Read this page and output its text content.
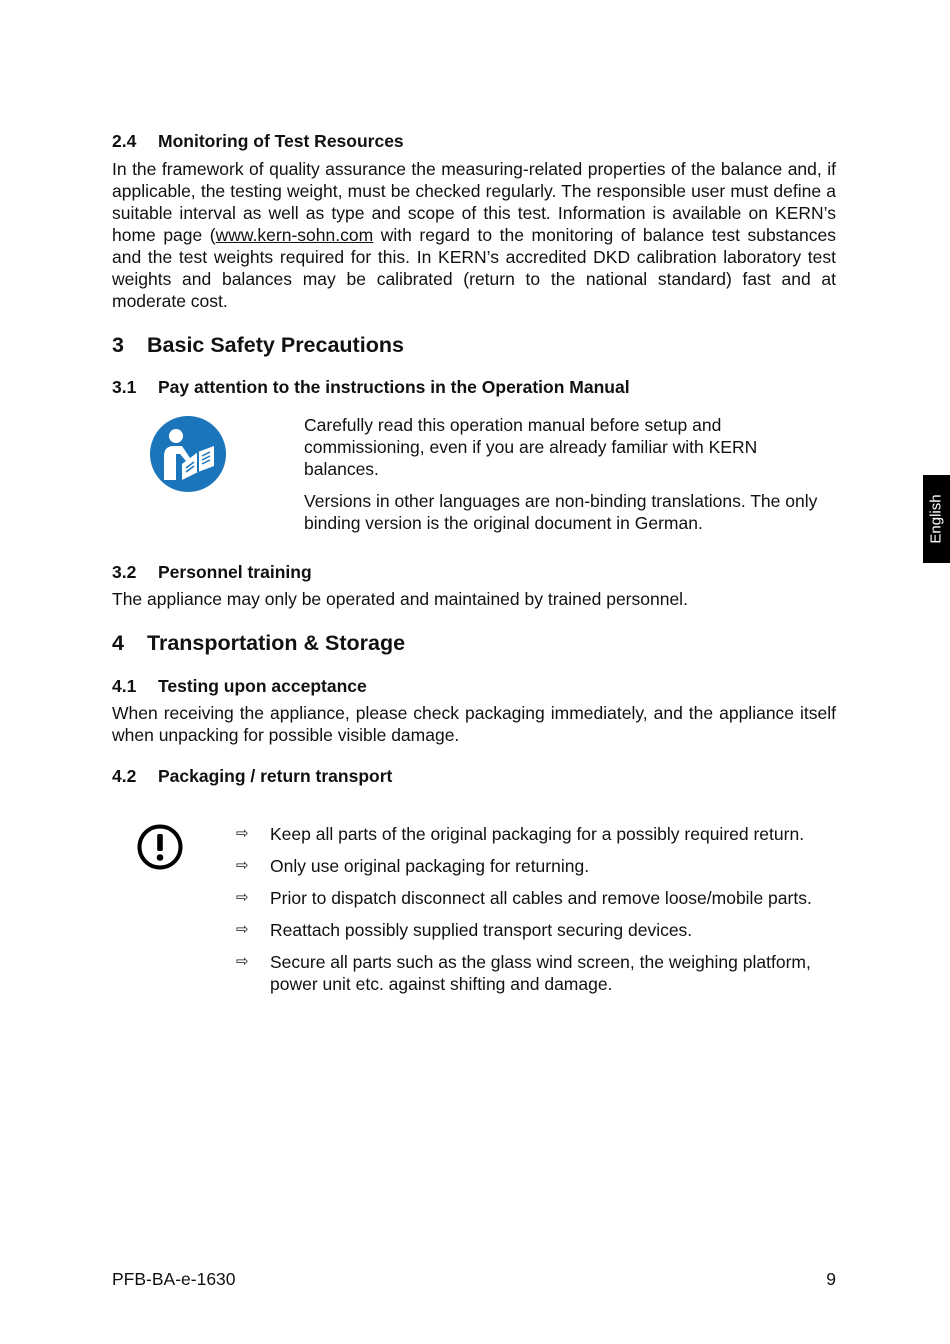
English
2.4	Monitoring of Test Resources

In the framework of quality assurance the measuring-related properties of the balance and, if applicable, the testing weight, must be checked regularly. The responsible user must define a suitable interval as well as type and scope of this test. Information is available on KERN’s home page (www.kern-sohn.com with regard to the monitoring of balance test substances and the test weights required for this. In KERN’s accredited DKD calibration laboratory test weights and balances may be calibrated (return to the national standard) fast and at moderate cost.

3	Basic Safety Precautions
3.1	Pay attention to the instructions in the Operation Manual

Carefully read this operation manual before setup and commissioning, even if you are already familiar with KERN balances.

Versions in other languages are non-binding translations. The only binding version is the original document in German.

3.2	Personnel training

The appliance may only be operated and maintained by trained personnel.

4	Transportation & Storage
4.1	Testing upon acceptance

When receiving the appliance, please check packaging immediately, and the appliance itself when unpacking for possible visible damage.

4.2	Packaging / return transport
⇨	Keep all parts of the original packaging for a possibly required return.
⇨	Only use original packaging for returning.
⇨	Prior to dispatch disconnect all cables and remove loose/mobile parts.
⇨	Reattach possibly supplied transport securing devices.
⇨	Secure all parts such as the glass wind screen, the weighing platform, power unit etc. against shifting and damage.
PFB-BA-e-1630	9
